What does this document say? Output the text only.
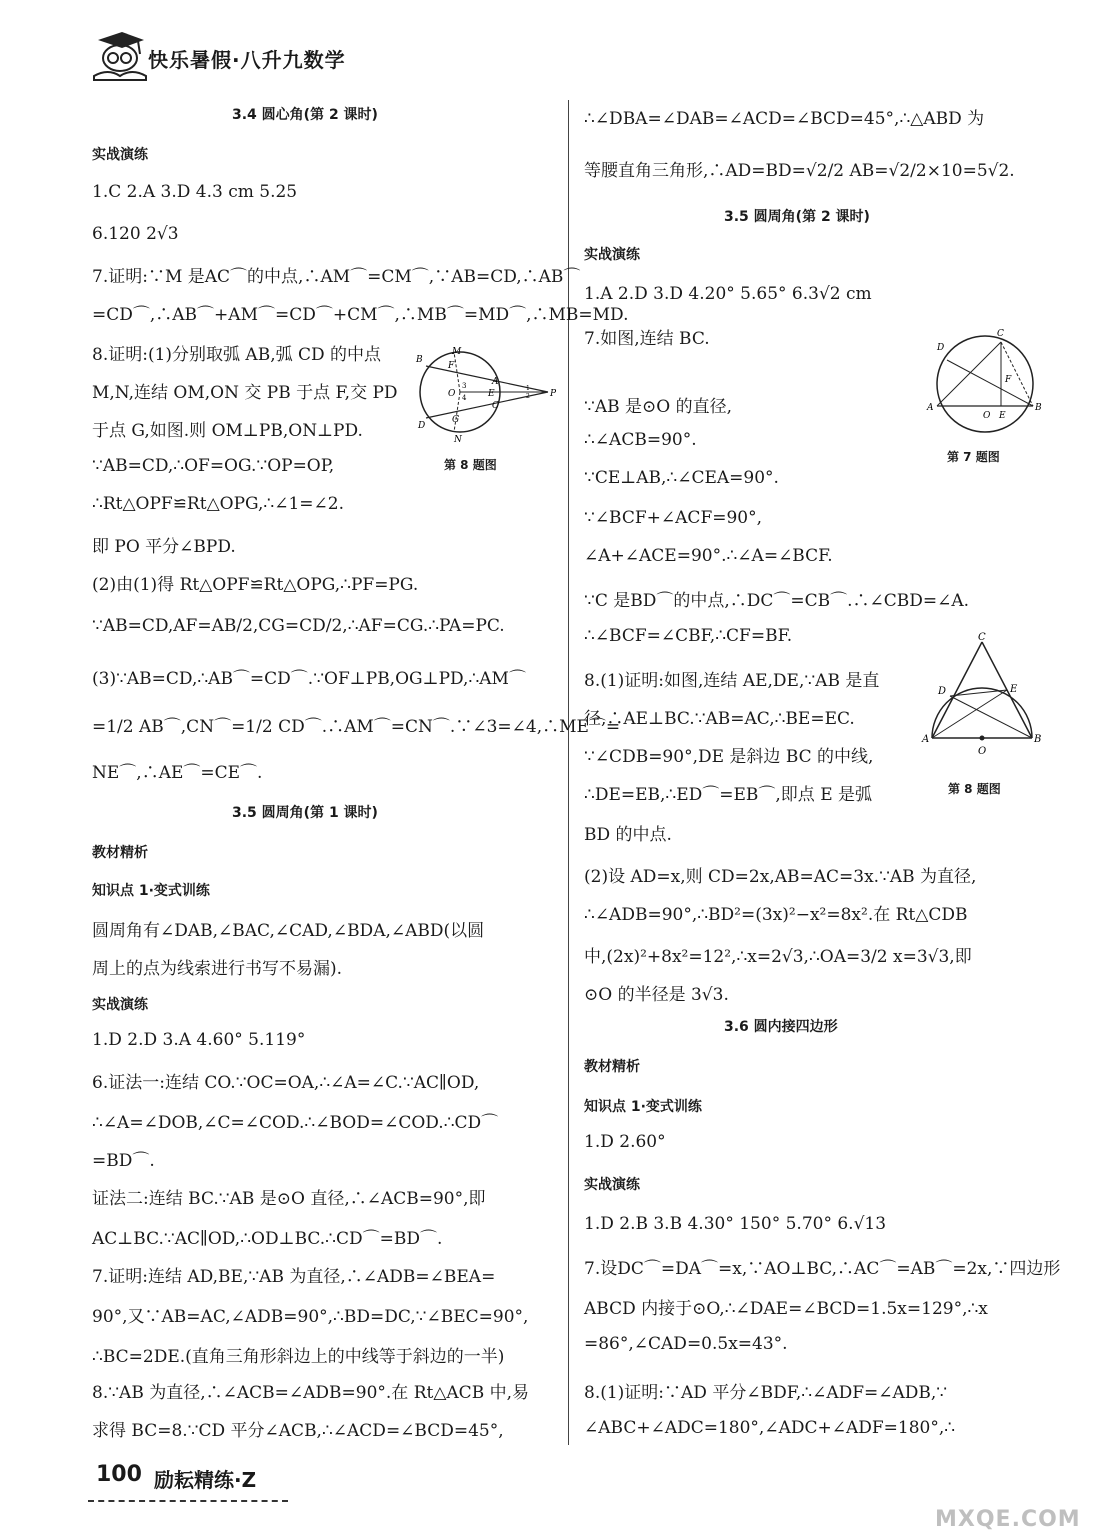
快乐暑假·八升九数学
3.4 圆心角(第 2 课时)
实战演练
1.C 2.A 3.D 4.3 cm 5.25
6.120 2√3
7.证明:∵M 是AC⌒的中点,∴AM⌒=CM⌒,∵AB=CD,∴AB⌒
=CD⌒,∴AB⌒+AM⌒=CD⌒+CM⌒,∴MB⌒=MD⌒,∴MB=MD.
8.证明:(1)分别取弧 AB,弧 CD 的中点
M,N,连结 OM,ON 交 PB 于点 F,交 PD
于点 G,如图.则 OM⊥PB,ON⊥PD.
∵AB=CD,∴OF=OG.∵OP=OP,
∴Rt△OPF≌Rt△OPG,∴∠1=∠2.
即 PO 平分∠BPD.
(2)由(1)得 Rt△OPF≌Rt△OPG,∴PF=PG.
∵AB=CD,AF=AB/2,CG=CD/2,∴AF=CG.∴PA=PC.
(3)∵AB=CD,∴AB⌒=CD⌒.∵OF⊥PB,OG⊥PD,∴AM⌒
=1/2 AB⌒,CN⌒=1/2 CD⌒.∴AM⌒=CN⌒.∵∠3=∠4,∴ME⌒=
NE⌒,∴AE⌒=CE⌒.
3.5 圆周角(第 1 课时)
教材精析
知识点 1·变式训练
圆周角有∠DAB,∠BAC,∠CAD,∠BDA,∠ABD(以圆
周上的点为线索进行书写不易漏).
实战演练
1.D 2.D 3.A 4.60° 5.119°
6.证法一:连结 CO.∵OC=OA,∴∠A=∠C.∵AC∥OD,
∴∠A=∠DOB,∠C=∠COD.∴∠BOD=∠COD.∴CD⌒
=BD⌒.
证法二:连结 BC.∵AB 是⊙O 直径,∴∠ACB=90°,即
AC⊥BC.∵AC∥OD,∴OD⊥BC.∴CD⌒=BD⌒.
7.证明:连结 AD,BE,∵AB 为直径,∴∠ADB=∠BEA=
90°,又∵AB=AC,∠ADB=90°,∴BD=DC,∵∠BEC=90°,
∴BC=2DE.(直角三角形斜边上的中线等于斜边的一半)
8.∵AB 为直径,∴∠ACB=∠ADB=90°.在 Rt△ACB 中,易
求得 BC=8.∵CD 平分∠ACB,∴∠ACD=∠BCD=45°,
∴∠DBA=∠DAB=∠ACD=∠BCD=45°,∴△ABD 为
等腰直角三角形,∴AD=BD=√2/2 AB=√2/2×10=5√2.
3.5 圆周角(第 2 课时)
实战演练
1.A 2.D 3.D 4.20° 5.65° 6.3√2 cm
7.如图,连结 BC.
∵AB 是⊙O 的直径,
∴∠ACB=90°.
∵CE⊥AB,∴∠CEA=90°.
∵∠BCF+∠ACF=90°,
∠A+∠ACE=90°.∴∠A=∠BCF.
∵C 是BD⌒的中点,∴DC⌒=CB⌒.∴∠CBD=∠A.
∴∠BCF=∠CBF,∴CF=BF.
8.(1)证明:如图,连结 AE,DE,∵AB 是直
径,∴AE⊥BC.∵AB=AC,∴BE=EC.
∵∠CDB=90°,DE 是斜边 BC 的中线,
∴DE=EB,∴ED⌒=EB⌒,即点 E 是弧
BD 的中点.
(2)设 AD=x,则 CD=2x,AB=AC=3x.∵AB 为直径,
∴∠ADB=90°,∴BD²=(3x)²−x²=8x².在 Rt△CDB
中,(2x)²+8x²=12²,∴x=2√3,∴OA=3/2 x=3√3,即
⊙O 的半径是 3√3.
3.6 圆内接四边形
教材精析
知识点 1·变式训练
1.D 2.60°
实战演练
1.D 2.B 3.B 4.30° 150° 5.70° 6.√13
7.设DC⌒=DA⌒=x,∵AO⊥BC,∴AC⌒=AB⌒=2x,∵四边形
ABCD 内接于⊙O,∴∠DAE=∠BCD=1.5x=129°,∴x
=86°,∠CAD=0.5x=43°.
8.(1)证明:∵AD 平分∠BDF,∴∠ADF=∠ADB,∵
∠ABC+∠ADC=180°,∠ADC+∠ADF=180°,∴
B
M
F
A
O
3
4 E
C
G
D
N
P
1
2
第 8 题图
C
D
F
A
O E
B
第 7 题图
C
D	E
A
O
B
第 8 题图
100 励耘精练·Z
MXQE.COM
